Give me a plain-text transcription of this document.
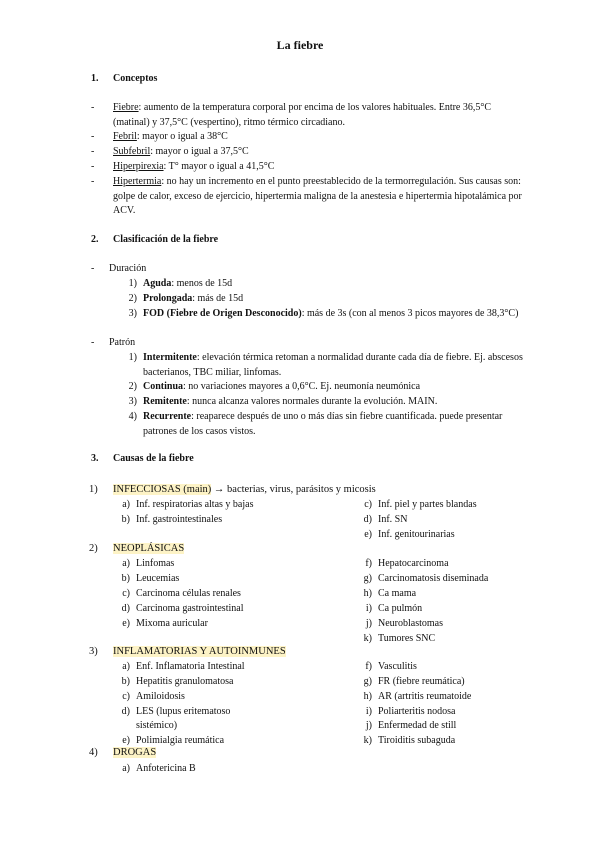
La fiebre
1. Conceptos
- Fiebre: aumento de la temperatura corporal por encima de los valores habituales. Entre 36,5°C (matinal) y 37,5°C (vespertino), ritmo térmico circadiano.
- Febril: mayor o igual a 38°C
- Subfebril: mayor o igual a 37,5°C
- Hiperpirexia: T° mayor o igual a 41,5°C
- Hipertermia: no hay un incremento en el punto preestablecido de la termorregulación. Sus causas son: golpe de calor, exceso de ejercicio, hipertermia maligna de la anestesia e hipertermia hipotalámica por ACV.
2. Clasificación de la fiebre
- Duración
1) Aguda: menos de 15d
2) Prolongada: más de 15d
3) FOD (Fiebre de Origen Desconocido): más de 3s (con al menos 3 picos mayores de 38,3°C)
- Patrón
1) Intermitente: elevación térmica retoman a normalidad durante cada día de fiebre. Ej. abscesos bacterianos, TBC miliar, linfomas.
2) Continua: no variaciones mayores a 0,6°C. Ej. neumonía neumónica
3) Remitente: nunca alcanza valores normales durante la evolución. MAIN.
4) Recurrente: reaparece después de uno o más días sin fiebre cuantificada. puede presentar patrones de los casos vistos.
3. Causas de la fiebre
1) INFECCIOSAS (main) → bacterias, virus, parásitos y micosis
a) Inf. respiratorias altas y bajas
b) Inf. gastrointestinales
c) Inf. piel y partes blandas
d) Inf. SN
e) Inf. genitourinarias
2) NEOPLÁSICAS
a) Linfomas
b) Leucemias
c) Carcinoma células renales
d) Carcinoma gastrointestinal
e) Mixoma auricular
f) Hepatocarcinoma
g) Carcinomatosis diseminada
h) Ca mama
i) Ca pulmón
j) Neuroblastomas
k) Tumores SNC
3) INFLAMATORIAS Y AUTOINMUNES
a) Enf. Inflamatoria Intestinal
b) Hepatitis granulomatosa
c) Amiloidosis
d) LES (lupus eritematoso
sistémico)
e) Polimialgia reumática
f) Vasculitis
g) FR (fiebre reumática)
h) AR (artritis reumatoide
i) Poliarteritis nodosa
j) Enfermedad de still
k) Tiroiditis subaguda
4) DROGAS
a) Anfotericina B
